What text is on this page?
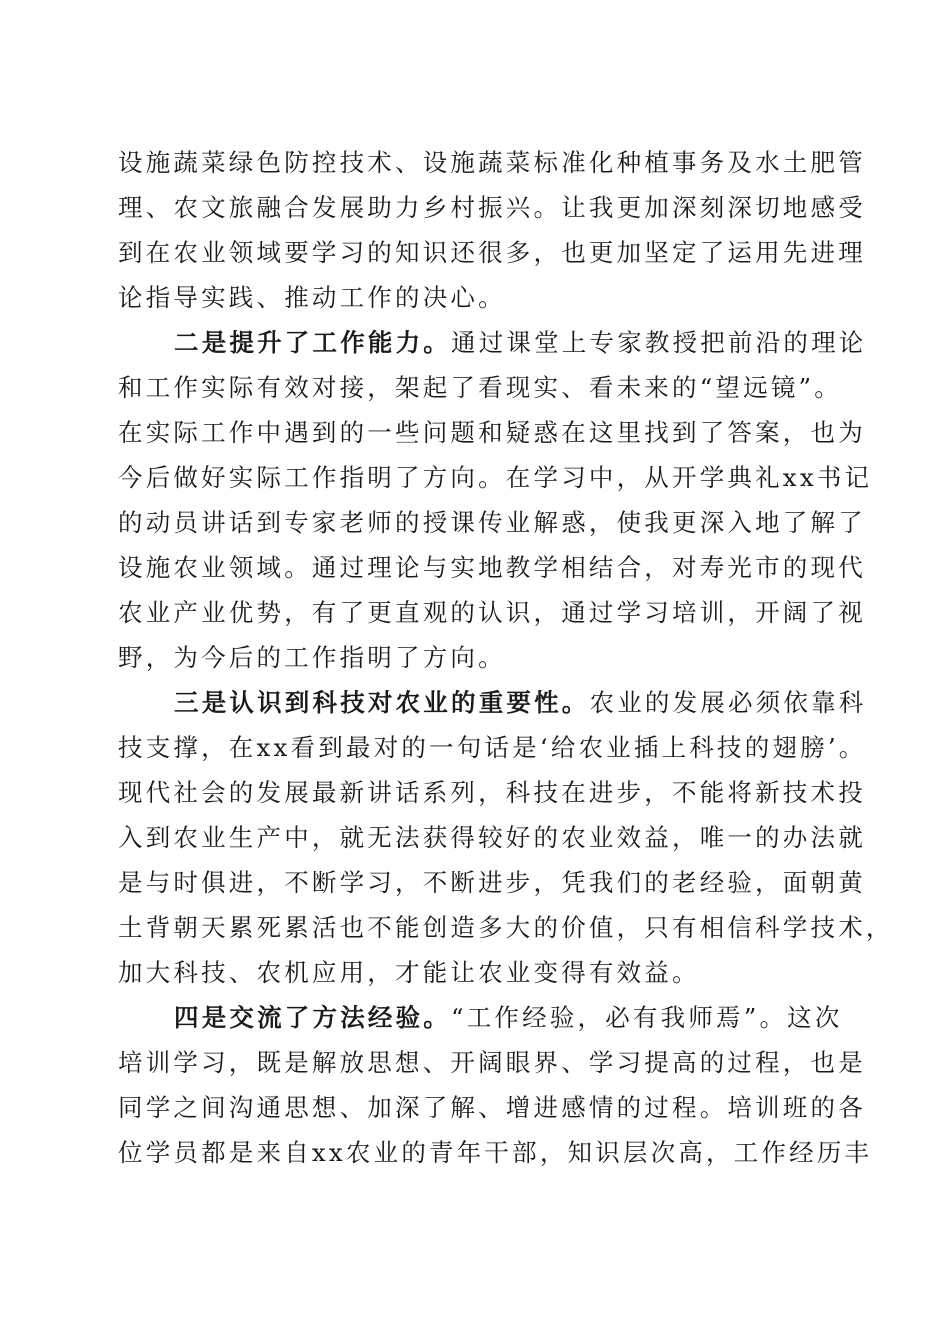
设施蔬菜绿色防控技术、设施蔬菜标准化种植事务及水土肥管
理、农文旅融合发展助力乡村振兴。让我更加深刻深切地感受
到在农业领域要学习的知识还很多，也更加坚定了运用先进理
论指导实践、推动工作的决心。
二是提升了工作能力。通过课堂上专家教授把前沿的理论
和工作实际有效对接，架起了看现实、看未来的“望远镜”。
在实际工作中遇到的一些问题和疑惑在这里找到了答案，也为
今后做好实际工作指明了方向。在学习中，从开学典礼xx书记
的动员讲话到专家老师的授课传业解惑，使我更深入地了解了
设施农业领域。通过理论与实地教学相结合，对寿光市的现代
农业产业优势，有了更直观的认识，通过学习培训，开阔了视
野，为今后的工作指明了方向。
三是认识到科技对农业的重要性。农业的发展必须依靠科
技支撑，在xx看到最对的一句话是‘给农业插上科技的翅膀’。
现代社会的发展最新讲话系列，科技在进步，不能将新技术投
入到农业生产中，就无法获得较好的农业效益，唯一的办法就
是与时俱进，不断学习，不断进步，凭我们的老经验，面朝黄
土背朝天累死累活也不能创造多大的价值，只有相信科学技术，
加大科技、农机应用，才能让农业变得有效益。
四是交流了方法经验。“工作经验，必有我师焉”。这次
培训学习，既是解放思想、开阔眼界、学习提高的过程，也是
同学之间沟通思想、加深了解、增进感情的过程。培训班的各
位学员都是来自xx农业的青年干部，知识层次高，工作经历丰
